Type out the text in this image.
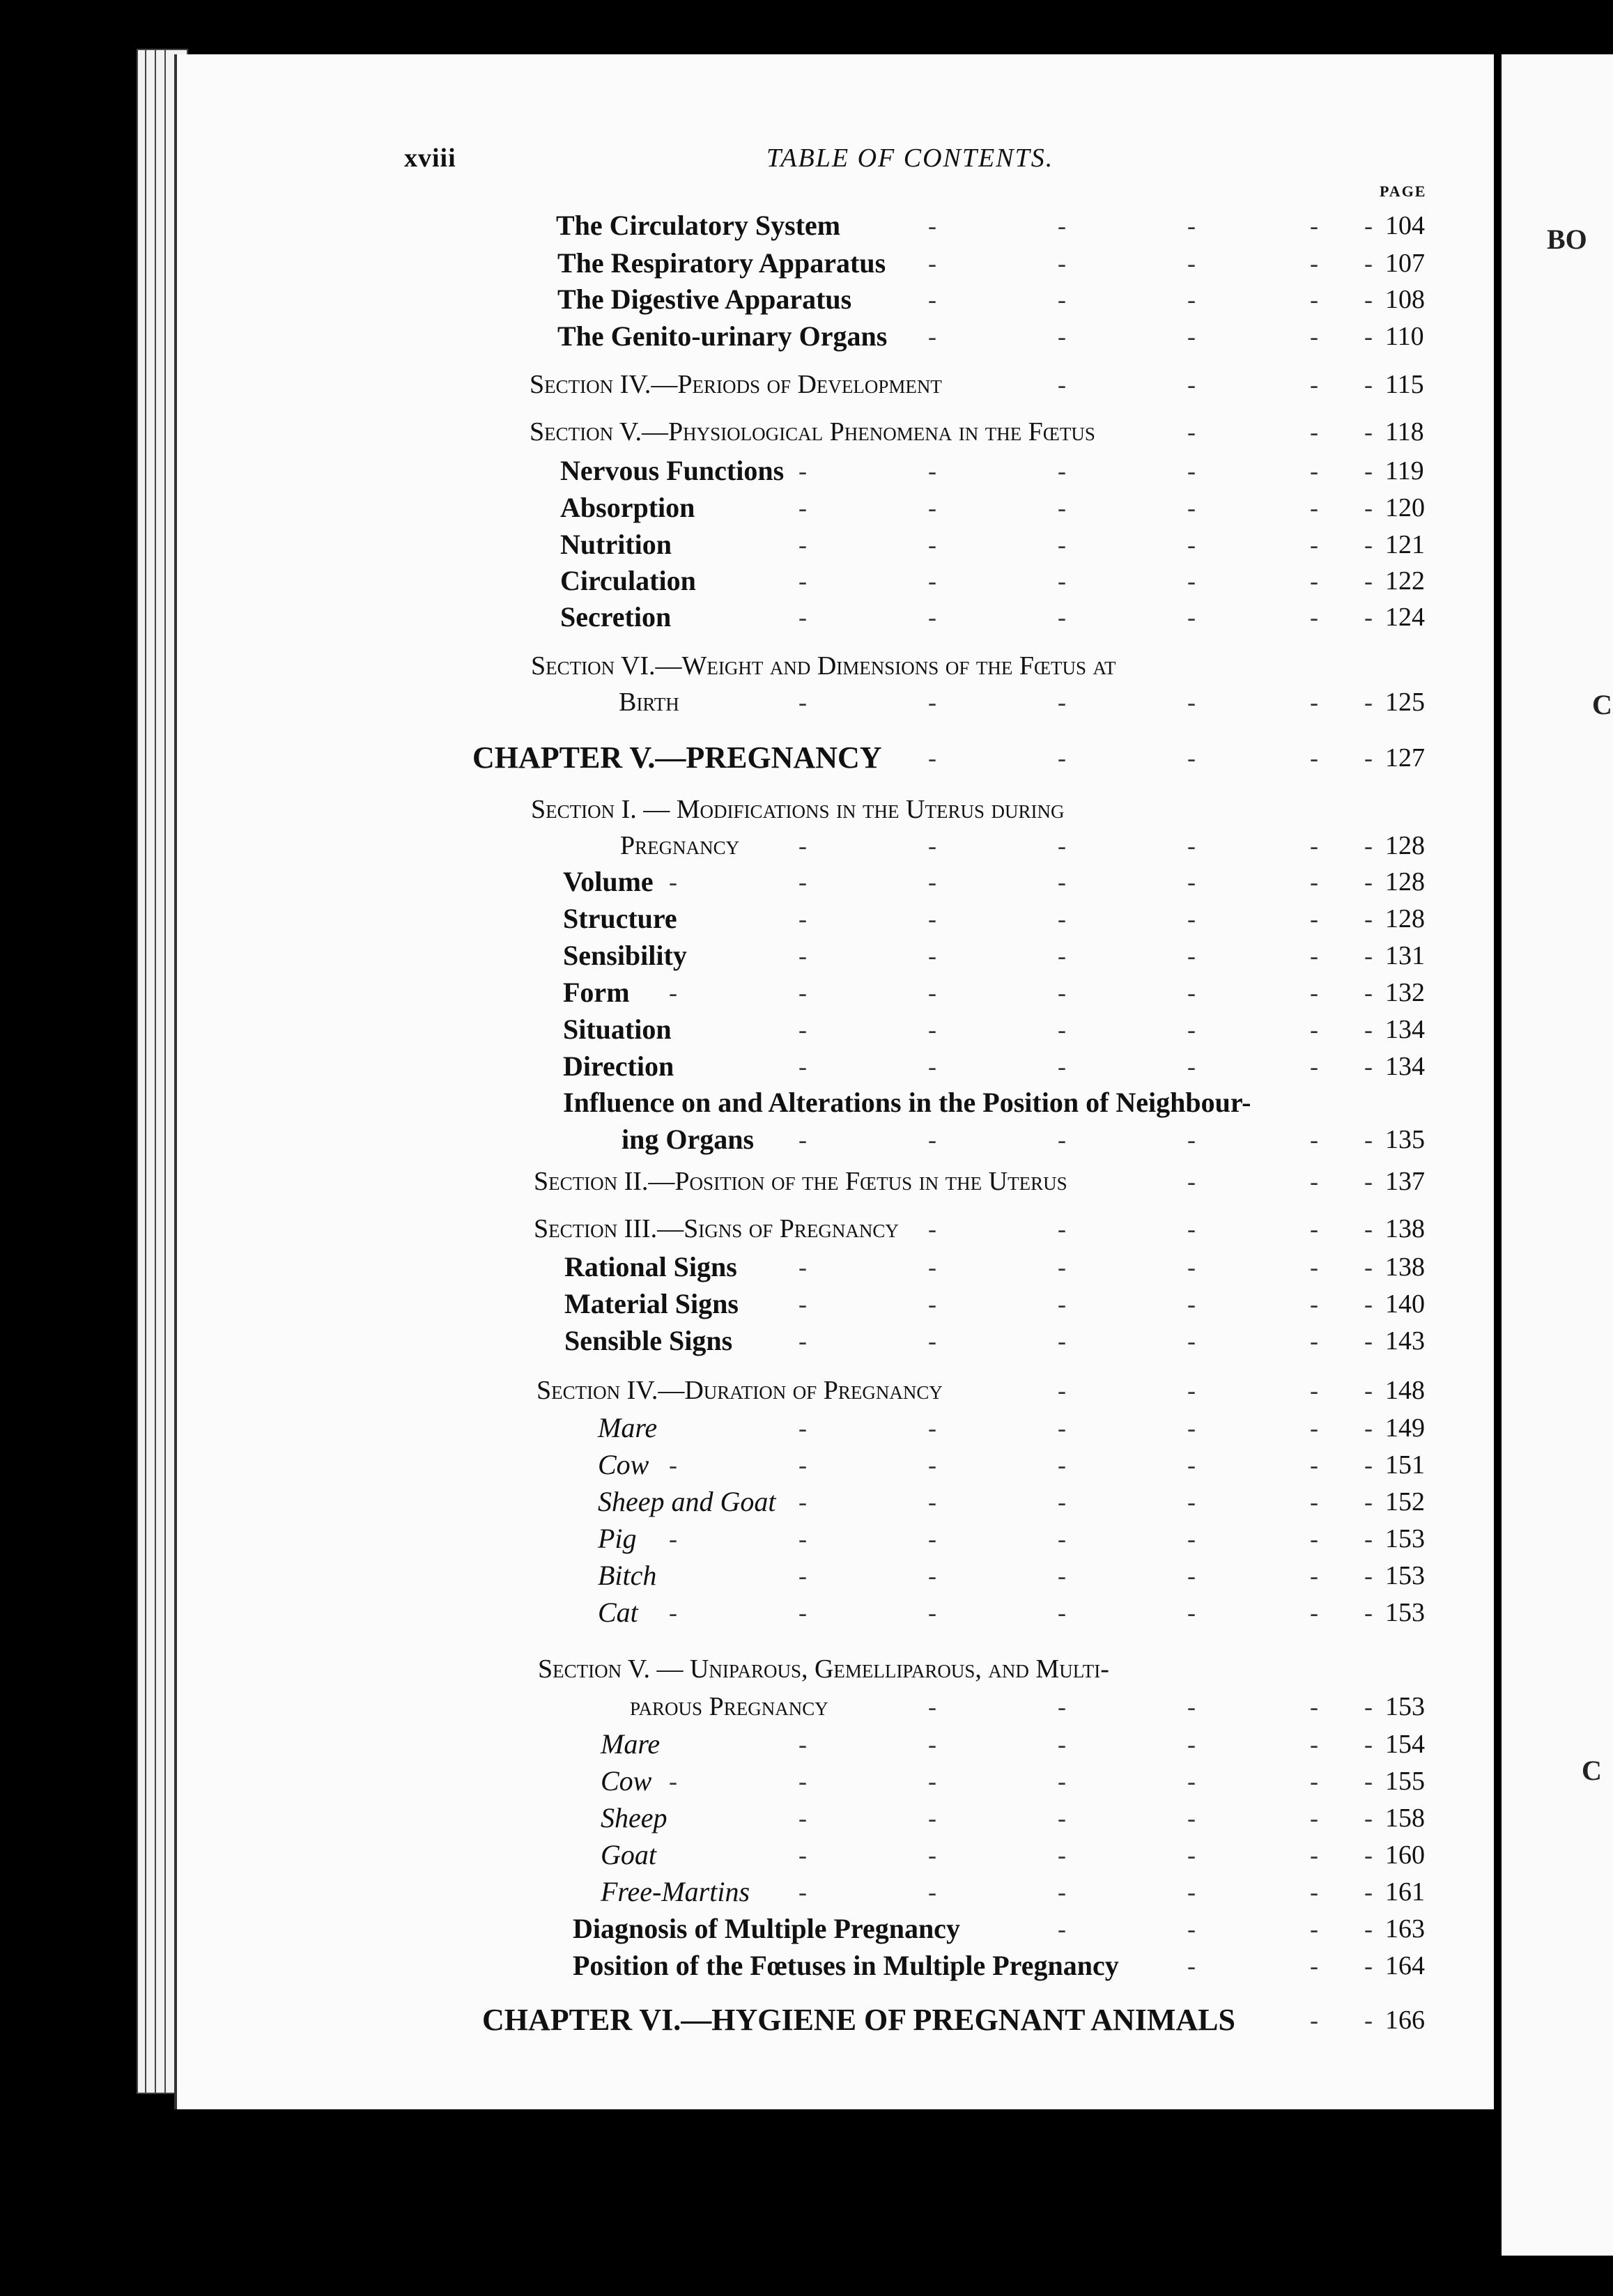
BO
C
C
xviii	TABLE OF CONTENTS.
PAGE
The Circulatory System	-	-	-	- - 104
The Respiratory Apparatus -	-	-	- - 107
The Digestive Apparatus	-	-	-	- - 108
The Genito-urinary Organs -	-	-	- - 110
Section IV.—Periods of Development	-	-	- - 115
Section V.—Physiological Phenomena in the Fœtus	-	- - 118
Nervous Functions -	-	-	-	- - 119
Absorption	-	-	-	-	- - 120
Nutrition	-	-	-	-	- - 121
Circulation	-	-	-	-	- - 122
Secretion	-	-	-	-	- - 124
Section VI.—Weight and Dimensions of the Fœtus at
Birth	-	-	-	-	- - 125
CHAPTER V.—PREGNANCY -	-	-	- - 127
Section I. — Modifications in the Uterus during
Pregnancy -	-	-	-	- - 128
Volume -	-	-	-	-	- - 128
Structure	-	-	-	-	- - 128
Sensibility	-	-	-	-	- - 131
Form -	-	-	-	-	- - 132
Situation	-	-	-	-	- - 134
Direction	-	-	-	-	- - 134
Influence on and Alterations in the Position of Neighbour-
ing Organs -	-	-	-	- - 135
Section II.—Position of the Fœtus in the Uterus	-	- - 137
Section III.—Signs of Pregnancy -	-	-	- - 138
Rational Signs -	-	-	-	- - 138
Material Signs -	-	-	-	- - 140
Sensible Signs	-	-	-	-	- - 143
Section IV.—Duration of Pregnancy	-	-	- - 148
Mare	-	-	-	-	- - 149
Cow -	-	-	-	-	- - 151
Sheep and Goat -	-	-	-	- - 152
Pig -	-	-	-	-	- - 153
Bitch	-	-	-	-	- - 153
Cat -	-	-	-	-	- - 153
Section V. — Uniparous, Gemelliparous, and Multi-
parous Pregnancy	-	-	-	- - 153
Mare	-	-	-	-	- - 154
Cow -	-	-	-	-	- - 155
Sheep	-	-	-	-	- - 158
Goat	-	-	-	-	- - 160
Free-Martins -	-	-	-	- - 161
Diagnosis of Multiple Pregnancy	-	-	- - 163
Position of the Fœtuses in Multiple Pregnancy	-	- - 164
CHAPTER VI.—HYGIENE OF PREGNANT ANIMALS	- - 166
